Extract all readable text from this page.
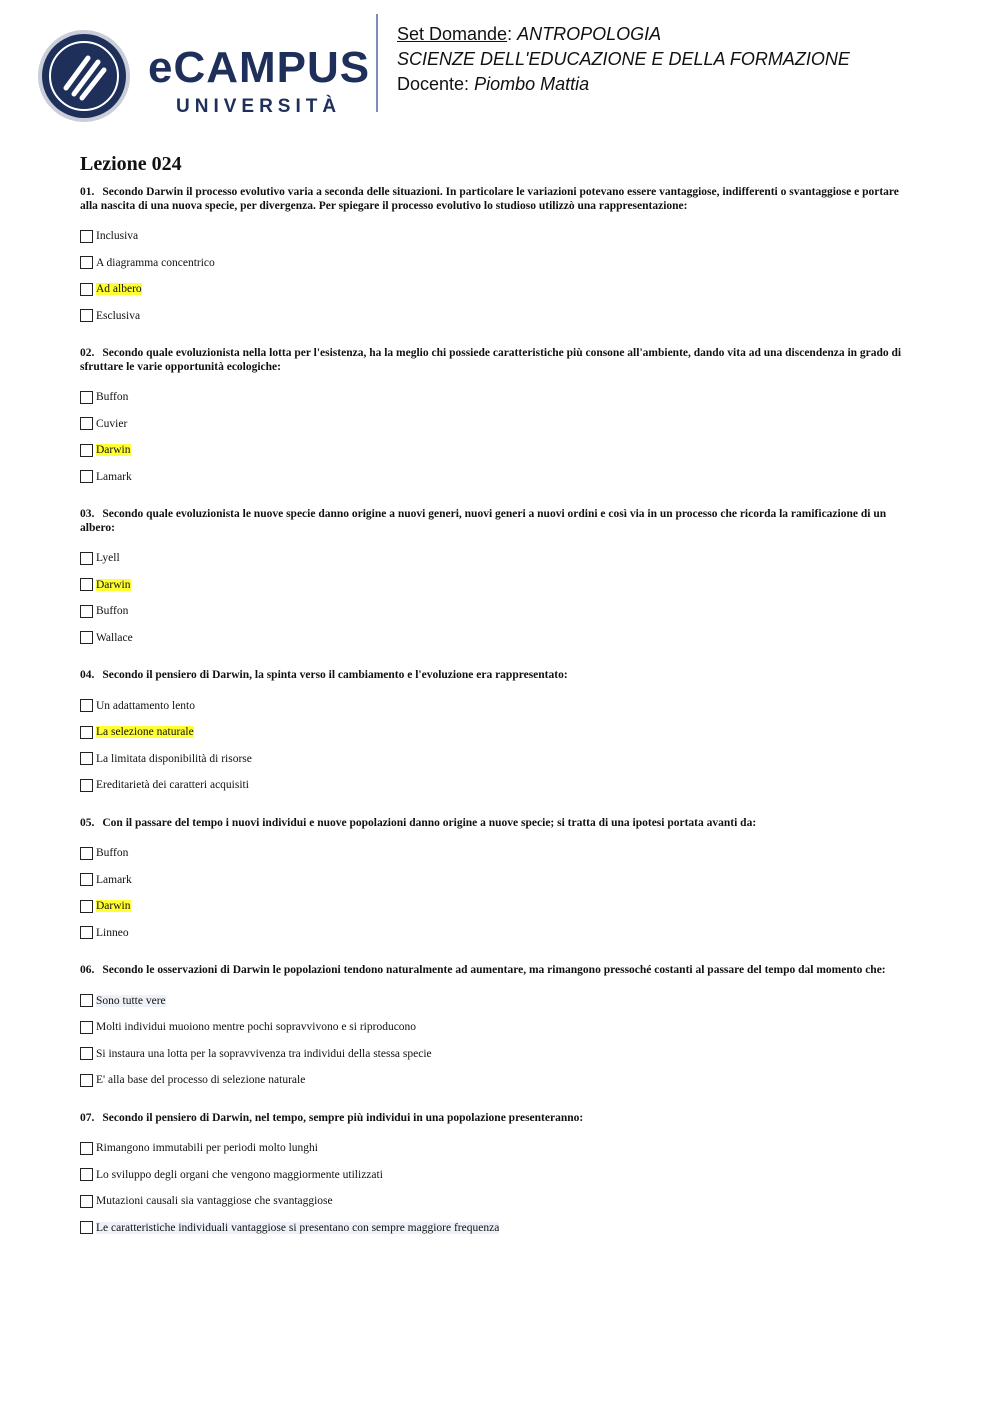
eCAMPUS
UNIVERSITÀ
Set Domande: ANTROPOLOGIA
SCIENZE DELL'EDUCAZIONE E DELLA FORMAZIONE
Docente: Piombo Mattia
Lezione 024

01. Secondo Darwin il processo evolutivo varia a seconda delle situazioni. In particolare le variazioni potevano essere vantaggiose, indifferenti o svantaggiose e portare alla nascita di una nuova specie, per divergenza. Per spiegare il processo evolutivo lo studioso utilizzò una rappresentazione:

Inclusiva
A diagramma concentrico
Ad albero
Esclusiva

02. Secondo quale evoluzionista nella lotta per l'esistenza, ha la meglio chi possiede caratteristiche più consone all'ambiente, dando vita ad una discendenza in grado di sfruttare le varie opportunità ecologiche:

Buffon
Cuvier
Darwin
Lamark

03. Secondo quale evoluzionista le nuove specie danno origine a nuovi generi, nuovi generi a nuovi ordini e così via in un processo che ricorda la ramificazione di un albero:

Lyell
Darwin
Buffon
Wallace

04. Secondo il pensiero di Darwin, la spinta verso il cambiamento e l'evoluzione era rappresentato:

Un adattamento lento
La selezione naturale
La limitata disponibilità di risorse
Ereditarietà dei caratteri acquisiti

05. Con il passare del tempo i nuovi individui e nuove popolazioni danno origine a nuove specie; si tratta di una ipotesi portata avanti da:

Buffon
Lamark
Darwin
Linneo

06. Secondo le osservazioni di Darwin le popolazioni tendono naturalmente ad aumentare, ma rimangono pressoché costanti al passare del tempo dal momento che:

Sono tutte vere
Molti individui muoiono mentre pochi sopravvivono e si riproducono
Si instaura una lotta per la sopravvivenza tra individui della stessa specie
E' alla base del processo di selezione naturale

07. Secondo il pensiero di Darwin, nel tempo, sempre più individui in una popolazione presenteranno:

Rimangono immutabili per periodi molto lunghi
Lo sviluppo degli organi che vengono maggiormente utilizzati
Mutazioni causali sia vantaggiose che svantaggiose
Le caratteristiche individuali vantaggiose si presentano con sempre maggiore frequenza
